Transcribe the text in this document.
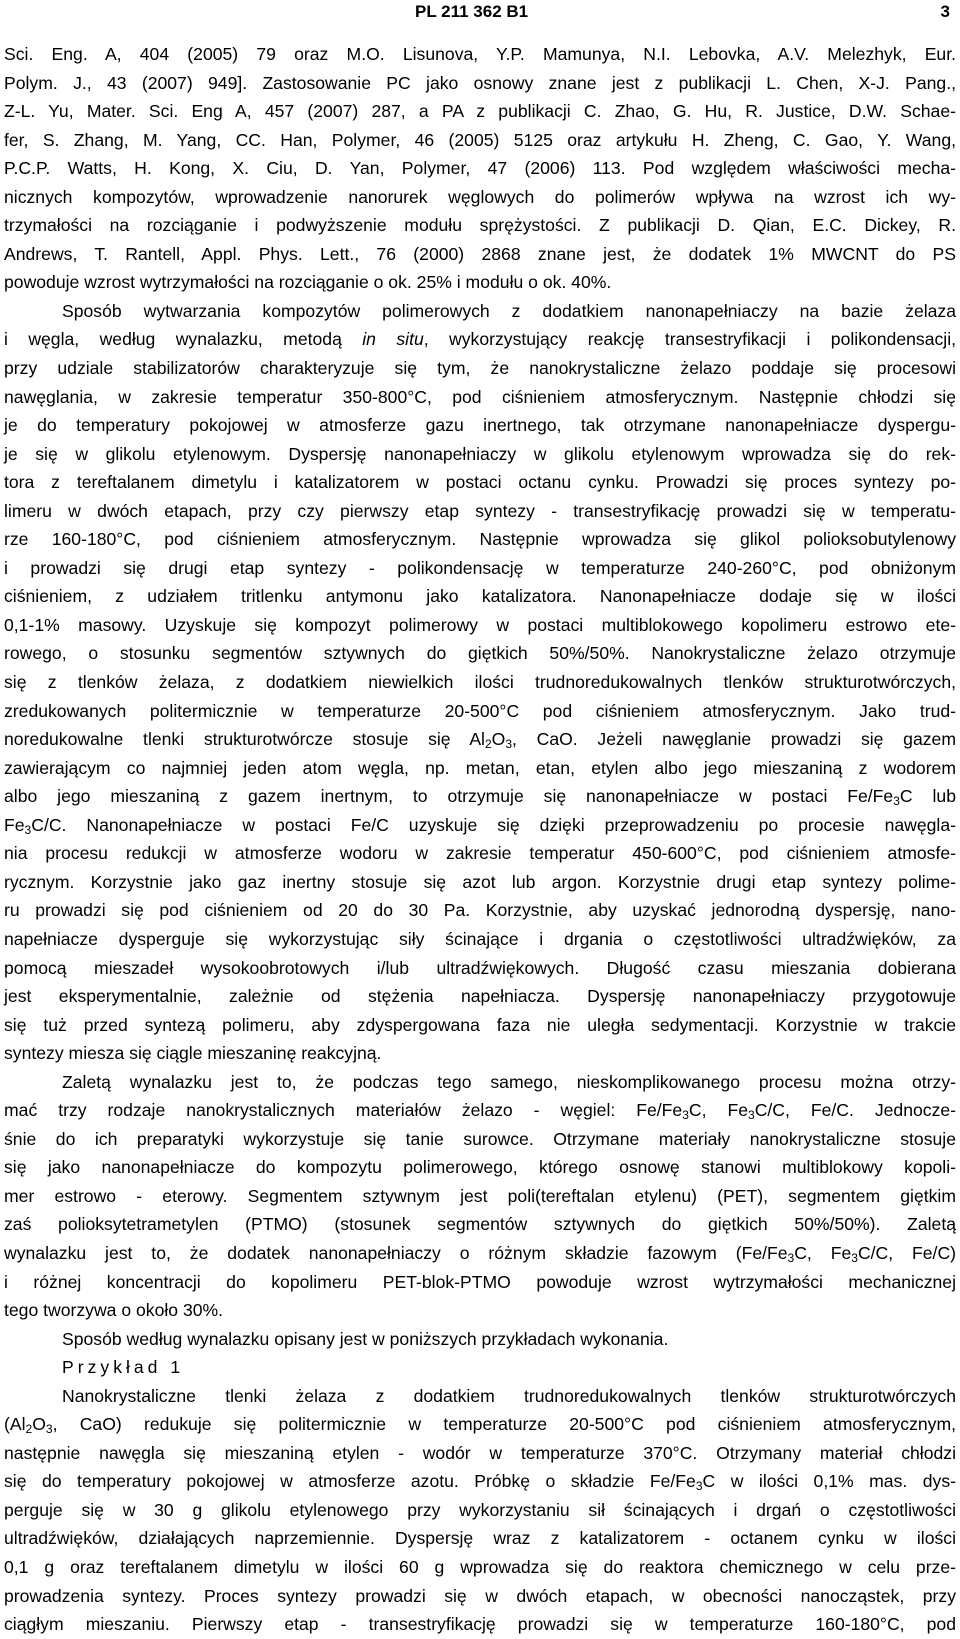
PL 211 362 B1	3
Sci. Eng. A, 404 (2005) 79 oraz M.O. Lisunova, Y.P. Mamunya, N.I. Lebovka, A.V. Melezhyk, Eur.
Polym. J., 43 (2007) 949]. Zastosowanie PC jako osnowy znane jest z publikacji L. Chen, X-J. Pang.,
Z-L. Yu, Mater. Sci. Eng A, 457 (2007) 287, a PA z publikacji C. Zhao, G. Hu, R. Justice, D.W. Schae-
fer, S. Zhang, M. Yang, CC. Han, Polymer, 46 (2005) 5125 oraz artykułu H. Zheng, C. Gao, Y. Wang,
P.C.P. Watts, H. Kong, X. Ciu, D. Yan, Polymer, 47 (2006) 113. Pod względem właściwości mecha-
nicznych kompozytów, wprowadzenie nanorurek węglowych do polimerów wpływa na wzrost ich wy-
trzymałości na rozciąganie i podwyższenie modułu sprężystości. Z publikacji D. Qian, E.C. Dickey, R.
Andrews, T. Rantell, Appl. Phys. Lett., 76 (2000) 2868 znane jest, że dodatek 1% MWCNT do PS
powoduje wzrost wytrzymałości na rozciąganie o ok. 25% i modułu o ok. 40%.
Sposób wytwarzania kompozytów polimerowych z dodatkiem nanonapełniaczy na bazie żelaza
i węgla, według wynalazku, metodą in situ, wykorzystujący reakcję transestryfikacji i polikondensacji,
przy udziale stabilizatorów charakteryzuje się tym, że nanokrystaliczne żelazo poddaje się procesowi
nawęglania, w zakresie temperatur 350-800°C, pod ciśnieniem atmosferycznym. Następnie chłodzi się
je do temperatury pokojowej w atmosferze gazu inertnego, tak otrzymane nanonapełniacze dyspergu-
je się w glikolu etylenowym. Dyspersję nanonapełniaczy w glikolu etylenowym wprowadza się do rek-
tora z tereftalanem dimetylu i katalizatorem w postaci octanu cynku. Prowadzi się proces syntezy po-
limeru w dwóch etapach, przy czy pierwszy etap syntezy - transestryfikację prowadzi się w temperatu-
rze 160-180°C, pod ciśnieniem atmosferycznym. Następnie wprowadza się glikol polioksobutylenowy
i prowadzi się drugi etap syntezy - polikondensację w temperaturze 240-260°C, pod obniżonym
ciśnieniem, z udziałem tritlenku antymonu jako katalizatora. Nanonapełniacze dodaje się w ilości
0,1-1% masowy. Uzyskuje się kompozyt polimerowy w postaci multiblokowego kopolimeru estrowo ete-
rowego, o stosunku segmentów sztywnych do giętkich 50%/50%. Nanokrystaliczne żelazo otrzymuje
się z tlenków żelaza, z dodatkiem niewielkich ilości trudnoredukowalnych tlenków strukturotwórczych,
zredukowanych politermicznie w temperaturze 20-500°C pod ciśnieniem atmosferycznym. Jako trud-
noredukowalne tlenki strukturotwórcze stosuje się $Al_2O_3$, CaO. Jeżeli nawęglanie prowadzi się gazem
zawierającym co najmniej jeden atom węgla, np. metan, etan, etylen albo jego mieszaniną z wodorem
albo jego mieszaniną z gazem inertnym, to otrzymuje się nanonapełniacze w postaci $Fe/Fe_3C$ lub
$Fe_3C/C$. Nanonapełniacze w postaci Fe/C uzyskuje się dzięki przeprowadzeniu po procesie nawęgla-
nia procesu redukcji w atmosferze wodoru w zakresie temperatur 450-600°C, pod ciśnieniem atmosfe-
rycznym. Korzystnie jako gaz inertny stosuje się azot lub argon. Korzystnie drugi etap syntezy polime-
ru prowadzi się pod ciśnieniem od 20 do 30 Pa. Korzystnie, aby uzyskać jednorodną dyspersję, nano-
napełniacze dysperguje się wykorzystując siły ścinające i drgania o częstotliwości ultradźwięków, za
pomocą mieszadeł wysokoobrotowych i/lub ultradźwiękowych. Długość czasu mieszania dobierana
jest eksperymentalnie, zależnie od stężenia napełniacza. Dyspersję nanonapełniaczy przygotowuje
się tuż przed syntezą polimeru, aby zdyspergowana faza nie uległa sedymentacji. Korzystnie w trakcie
syntezy miesza się ciągle mieszaninę reakcyjną.
Zaletą wynalazku jest to, że podczas tego samego, nieskomplikowanego procesu można otrzy-
mać trzy rodzaje nanokrystalicznych materiałów żelazo - węgiel: $Fe/Fe_3C$, $Fe_3C/C$, Fe/C. Jednocze-
śnie do ich preparatyki wykorzystuje się tanie surowce. Otrzymane materiały nanokrystaliczne stosuje
się jako nanonapełniacze do kompozytu polimerowego, którego osnowę stanowi multiblokowy kopoli-
mer estrowo - eterowy. Segmentem sztywnym jest poli(tereftalan etylenu) (PET), segmentem giętkim
zaś polioksytetrametylen (PTMO) (stosunek segmentów sztywnych do giętkich 50%/50%). Zaletą
wynalazku jest to, że dodatek nanonapełniaczy o różnym składzie fazowym ($Fe/Fe_3C$, $Fe_3C/C$, Fe/C)
i różnej koncentracji do kopolimeru PET-blok-PTMO powoduje wzrost wytrzymałości mechanicznej
tego tworzywa o około 30%.
Sposób według wynalazku opisany jest w poniższych przykładach wykonania.
Przykład 1
Nanokrystaliczne tlenki żelaza z dodatkiem trudnoredukowalnych tlenków strukturotwórczych
($Al_2O_3$, CaO) redukuje się politermicznie w temperaturze 20-500°C pod ciśnieniem atmosferycznym,
następnie nawęgla się mieszaniną etylen - wodór w temperaturze 370°C. Otrzymany materiał chłodzi
się do temperatury pokojowej w atmosferze azotu. Próbkę o składzie $Fe/Fe_3C$ w ilości 0,1% mas. dys-
perguje się w 30 g glikolu etylenowego przy wykorzystaniu sił ścinających i drgań o częstotliwości
ultradźwięków, działających naprzemiennie. Dyspersję wraz z katalizatorem - octanem cynku w ilości
0,1 g oraz tereftalanem dimetylu w ilości 60 g wprowadza się do reaktora chemicznego w celu prze-
prowadzenia syntezy. Proces syntezy prowadzi się w dwóch etapach, w obecności nanocząstek, przy
ciągłym mieszaniu. Pierwszy etap - transestryfikację prowadzi się w temperaturze 160-180°C, pod
